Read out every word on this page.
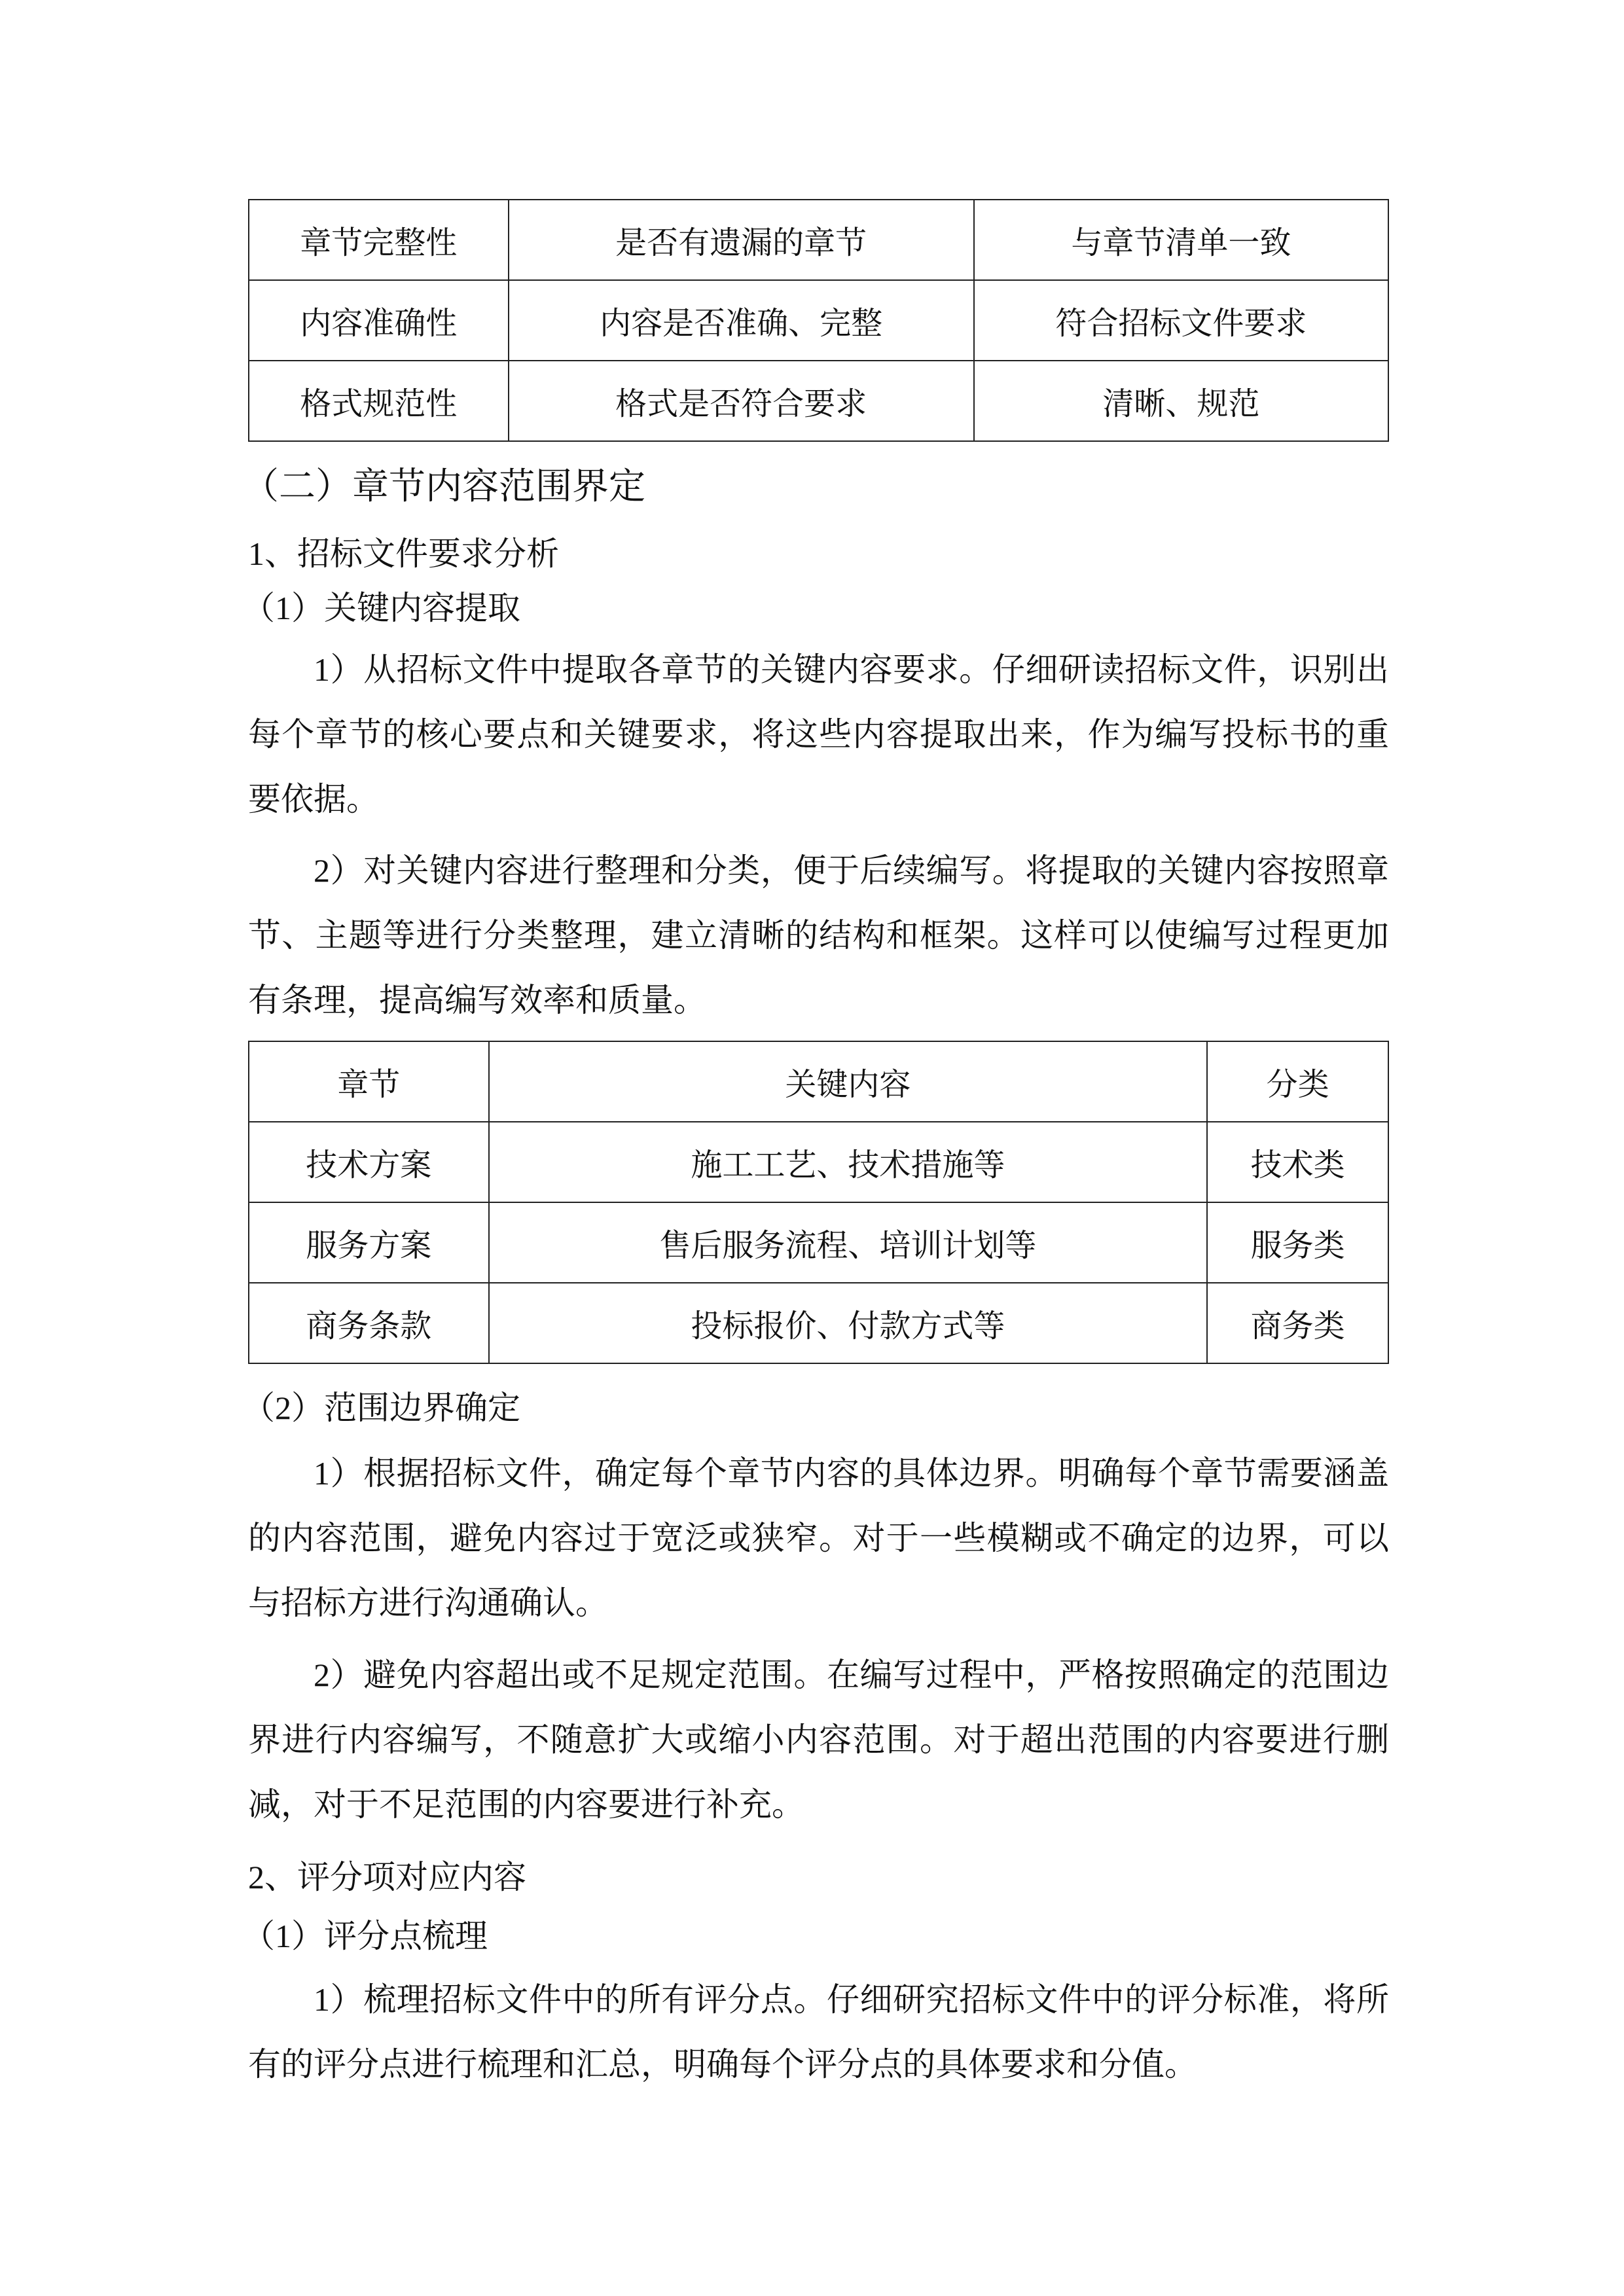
章节完整性	是否有遗漏的章节	与章节清单一致
内容准确性	内容是否准确、完整	符合招标文件要求
格式规范性	格式是否符合要求	清晰、规范
（二）章节内容范围界定
1、招标文件要求分析
（1）关键内容提取
1）从招标文件中提取各章节的关键内容要求。仔细研读招标文件，识别出
每个章节的核心要点和关键要求，将这些内容提取出来，作为编写投标书的重
要依据。
2）对关键内容进行整理和分类，便于后续编写。将提取的关键内容按照章
节、主题等进行分类整理，建立清晰的结构和框架。这样可以使编写过程更加
有条理，提高编写效率和质量。
章节	关键内容	分类
技术方案	施工工艺、技术措施等	技术类
服务方案	售后服务流程、培训计划等	服务类
商务条款	投标报价、付款方式等	商务类
（2）范围边界确定
1）根据招标文件，确定每个章节内容的具体边界。明确每个章节需要涵盖
的内容范围，避免内容过于宽泛或狭窄。对于一些模糊或不确定的边界，可以
与招标方进行沟通确认。
2）避免内容超出或不足规定范围。在编写过程中，严格按照确定的范围边
界进行内容编写，不随意扩大或缩小内容范围。对于超出范围的内容要进行删
减，对于不足范围的内容要进行补充。
2、评分项对应内容
（1）评分点梳理
1）梳理招标文件中的所有评分点。仔细研究招标文件中的评分标准，将所
有的评分点进行梳理和汇总，明确每个评分点的具体要求和分值。
